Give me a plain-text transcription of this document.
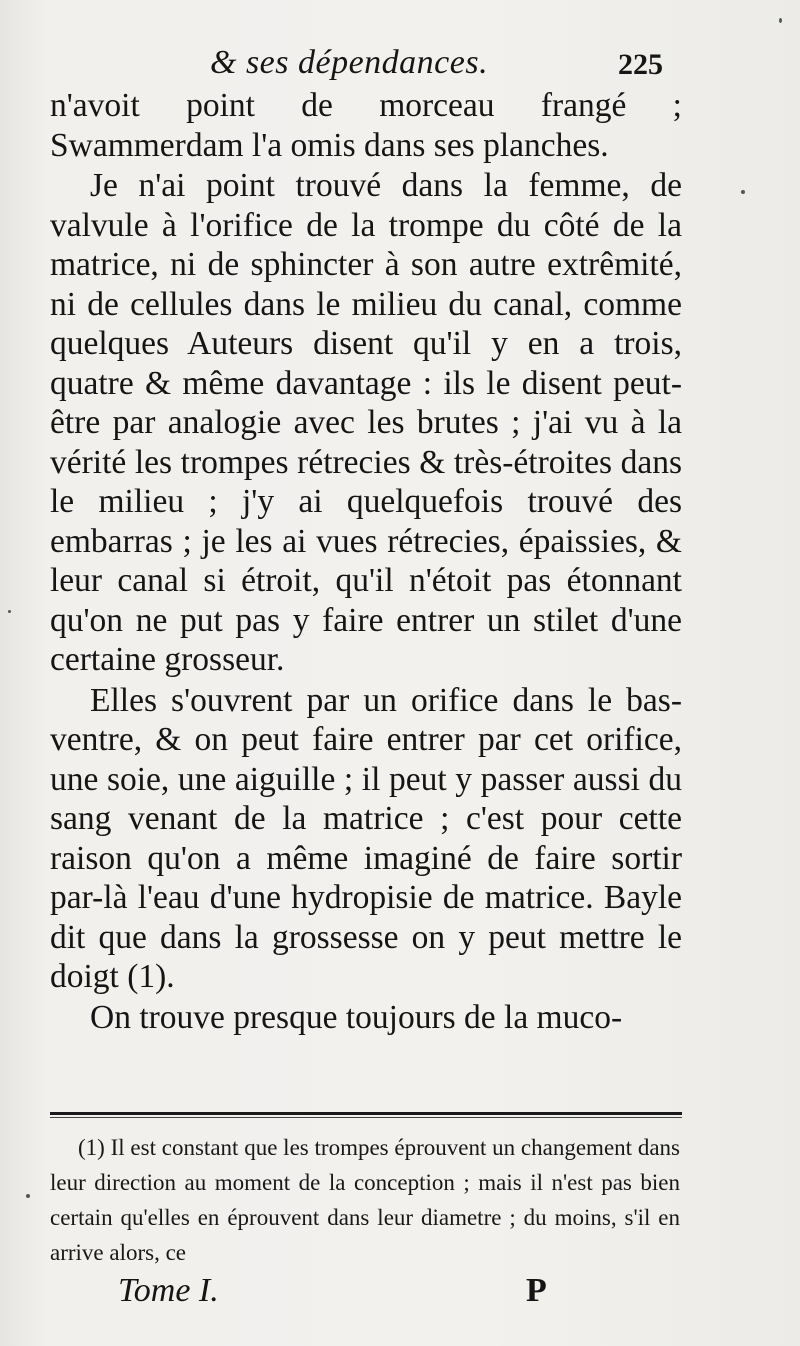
& ses dépendances.	225

n'avoit point de morceau frangé ; Swammerdam l'a omis dans ses planches.

Je n'ai point trouvé dans la femme, de valvule à l'orifice de la trompe du côté de la matrice, ni de sphincter à son autre extrêmité, ni de cellules dans le milieu du canal, comme quelques Auteurs disent qu'il y en a trois, quatre & même davantage : ils le disent peut-être par analogie avec les brutes ; j'ai vu à la vérité les trompes rétrecies & très-étroites dans le milieu ; j'y ai quelquefois trouvé des embarras ; je les ai vues rétrecies, épaissies, & leur canal si étroit, qu'il n'étoit pas étonnant qu'on ne put pas y faire entrer un stilet d'une certaine grosseur.

Elles s'ouvrent par un orifice dans le bas-ventre, & on peut faire entrer par cet orifice, une soie, une aiguille ; il peut y passer aussi du sang venant de la matrice ; c'est pour cette raison qu'on a même imaginé de faire sortir par-là l'eau d'une hydropisie de matrice. Bayle dit que dans la grossesse on y peut mettre le doigt (1).

On trouve presque toujours de la muco-

(1) Il est constant que les trompes éprouvent un changement dans leur direction au moment de la conception ; mais il n'est pas bien certain qu'elles en éprouvent dans leur diametre ; du moins, s'il en arrive alors, ce

Tome I.	P
